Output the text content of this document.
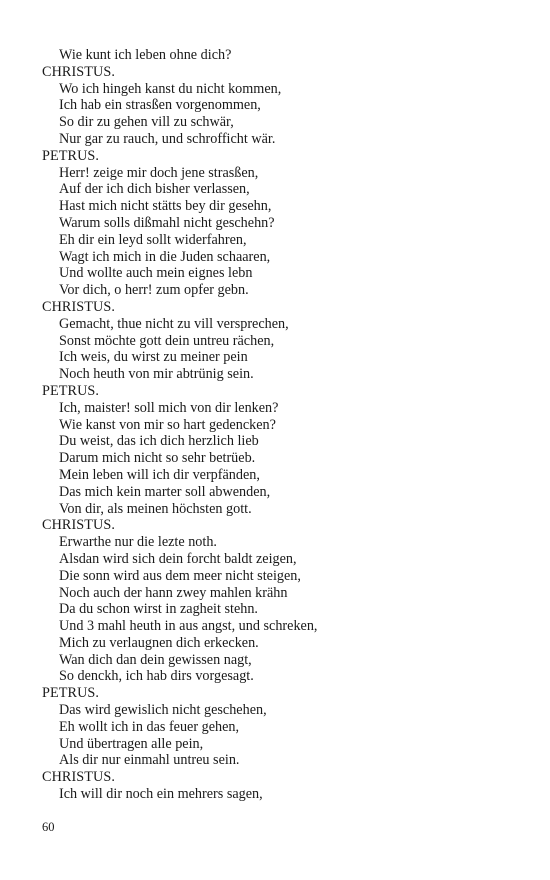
Wie kunt ich leben ohne dich?
CHRISTUS.
Wo ich hingeh kanst du nicht kommen,
Ich hab ein strasßen vorgenommen,
So dir zu gehen vill zu schwär,
Nur gar zu rauch, und schrofficht wär.
PETRUS.
Herr! zeige mir doch jene strasßen,
Auf der ich dich bisher verlassen,
Hast mich nicht stätts bey dir gesehn,
Warum solls dißmahl nicht geschehn?
Eh dir ein leyd sollt widerfahren,
Wagt ich mich in die Juden schaaren,
Und wollte auch mein eignes lebn
Vor dich, o herr! zum opfer gebn.
CHRISTUS.
Gemacht, thue nicht zu vill versprechen,
Sonst möchte gott dein untreu rächen,
Ich weis, du wirst zu meiner pein
Noch heuth von mir abtrünig sein.
PETRUS.
Ich, maister! soll mich von dir lenken?
Wie kanst von mir so hart gedencken?
Du weist, das ich dich herzlich lieb
Darum mich nicht so sehr betrüeb.
Mein leben will ich dir verpfänden,
Das mich kein marter soll abwenden,
Von dir, als meinen höchsten gott.
CHRISTUS.
Erwarthe nur die lezte noth.
Alsdan wird sich dein forcht baldt zeigen,
Die sonn wird aus dem meer nicht steigen,
Noch auch der hann zwey mahlen krähn
Da du schon wirst in zagheit stehn.
Und 3 mahl heuth in aus angst, und schreken,
Mich zu verlaugnen dich erkecken.
Wan dich dan dein gewissen nagt,
So denckh, ich hab dirs vorgesagt.
PETRUS.
Das wird gewislich nicht geschehen,
Eh wollt ich in das feuer gehen,
Und übertragen alle pein,
Als dir nur einmahl untreu sein.
CHRISTUS.
Ich will dir noch ein mehrers sagen,
60
